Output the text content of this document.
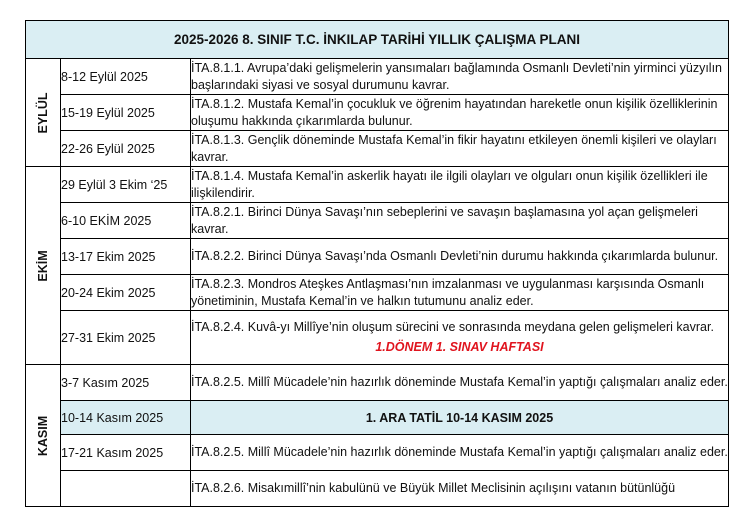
2025-2026 8. SINIF T.C. İNKILAP TARİHİ YILLIK ÇALIŞMA PLANI		

EYLÜL	8-12 Eylül 2025	İTA.8.1.1. Avrupa’daki gelişmelerin yansımaları bağlamında Osmanlı Devleti’nin yirminci yüzyılın başlarındaki siyasi ve sosyal durumunu kavrar.
	15-19 Eylül 2025	İTA.8.1.2. Mustafa Kemal’in çocukluk ve öğrenim hayatından hareketle onun kişilik özelliklerinin oluşumu hakkında çıkarımlarda bulunur.
	22-26 Eylül 2025	İTA.8.1.3. Gençlik döneminde Mustafa Kemal’in fikir hayatını etkileyen önemli kişileri ve olayları kavrar.

EKİM	29 Eylül 3 Ekim ‘25	İTA.8.1.4. Mustafa Kemal’in askerlik hayatı ile ilgili olayları ve olguları onun kişilik özellikleri ile ilişkilendirir.
	6-10 EKİM 2025	İTA.8.2.1. Birinci Dünya Savaşı’nın sebeplerini ve savaşın başlamasına yol açan gelişmeleri kavrar.
	13-17 Ekim 2025	İTA.8.2.2. Birinci Dünya Savaşı’nda Osmanlı Devleti’nin durumu hakkında çıkarımlarda bulunur.
	20-24 Ekim 2025	İTA.8.2.3. Mondros Ateşkes Antlaşması’nın imzalanması ve uygulanması karşısında Osmanlı yönetiminin, Mustafa Kemal’in ve halkın tutumunu analiz eder.
	27-31 Ekim 2025	İTA.8.2.4. Kuvâ-yı Millîye’nin oluşum sürecini ve sonrasında meydana gelen gelişmeleri kavrar.
1.DÖNEM 1. SINAV HAFTASI

KASIM	3-7 Kasım 2025	İTA.8.2.5. Millî Mücadele’nin hazırlık döneminde Mustafa Kemal’in yaptığı çalışmaları analiz eder.
	10-14 Kasım 2025	1. ARA TATİL 10-14 KASIM 2025
	17-21 Kasım 2025	İTA.8.2.5. Millî Mücadele’nin hazırlık döneminde Mustafa Kemal’in yaptığı çalışmaları analiz eder.
		İTA.8.2.6. Misakımillî’nin kabulünü ve Büyük Millet Meclisinin açılışını vatanın bütünlüğü
